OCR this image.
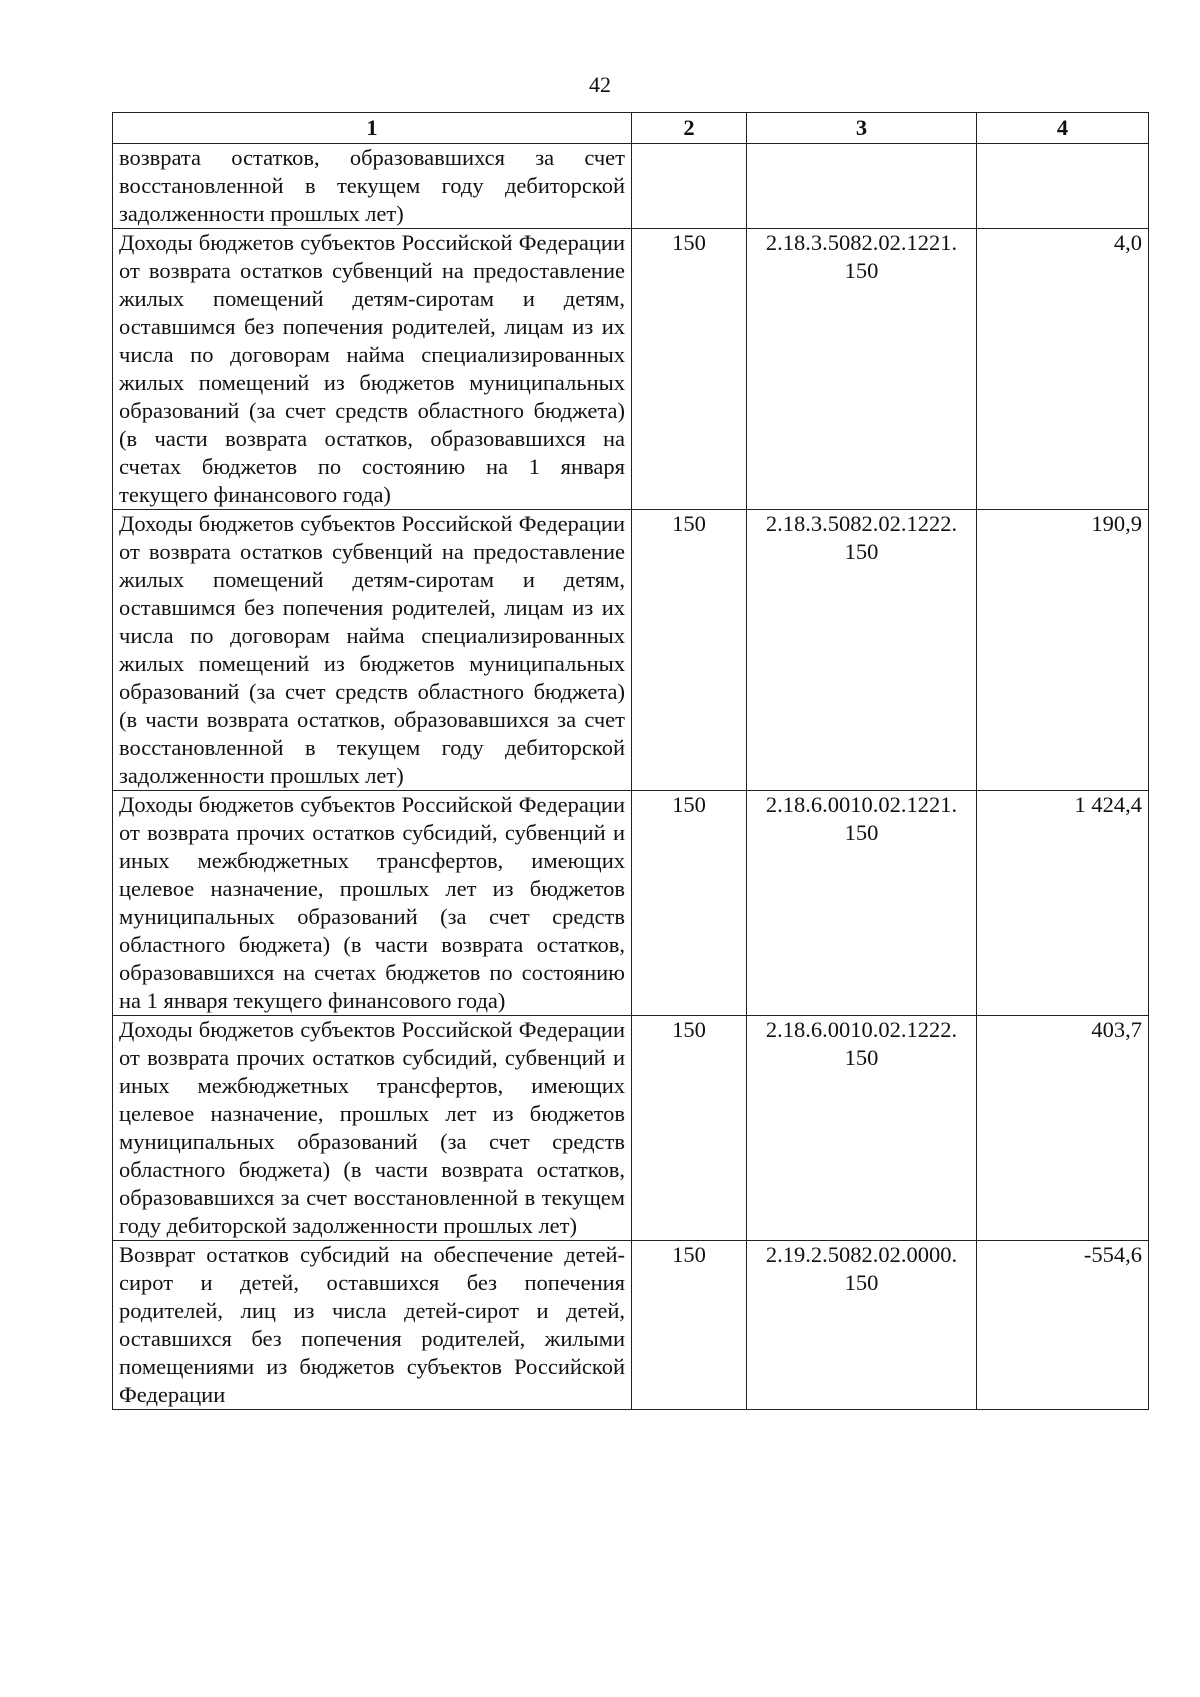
42
1	2	3	4
возврата остатков, образовавшихся за счет восстановленной в текущем году дебиторской задолженности прошлых лет)			
Доходы бюджетов субъектов Российской Федерации от возврата остатков субвенций на предоставление жилых помещений детям-сиротам и детям, оставшимся без попечения родителей, лицам из их числа по договорам найма специализированных жилых помещений из бюджетов муниципальных образований (за счет средств областного бюджета) (в части возврата остатков, образовавшихся на счетах бюджетов по состоянию на 1 января текущего финансового года)	150	2.18.3.5082.02.1221. 150	4,0
Доходы бюджетов субъектов Российской Федерации от возврата остатков субвенций на предоставление жилых помещений детям-сиротам и детям, оставшимся без попечения родителей, лицам из их числа по договорам найма специализированных жилых помещений из бюджетов муниципальных образований (за счет средств областного бюджета) (в части возврата остатков, образовавшихся за счет восстановленной в текущем году дебиторской задолженности прошлых лет)	150	2.18.3.5082.02.1222. 150	190,9
Доходы бюджетов субъектов Российской Федерации от возврата прочих остатков субсидий, субвенций и иных межбюджетных трансфертов, имеющих целевое назначение, прошлых лет из бюджетов муниципальных образований (за счет средств областного бюджета) (в части возврата остатков, образовавшихся на счетах бюджетов по состоянию на 1 января текущего финансового года)	150	2.18.6.0010.02.1221. 150	1 424,4
Доходы бюджетов субъектов Российской Федерации от возврата прочих остатков субсидий, субвенций и иных межбюджетных трансфертов, имеющих целевое назначение, прошлых лет из бюджетов муниципальных образований (за счет средств областного бюджета) (в части возврата остатков, образовавшихся за счет восстановленной в текущем году дебиторской задолженности прошлых лет)	150	2.18.6.0010.02.1222. 150	403,7
Возврат остатков субсидий на обеспечение детей-сирот и детей, оставшихся без попечения родителей, лиц из числа детей-сирот и детей, оставшихся без попечения родителей, жилыми помещениями из бюджетов субъектов Российской Федерации	150	2.19.2.5082.02.0000. 150	-554,6
